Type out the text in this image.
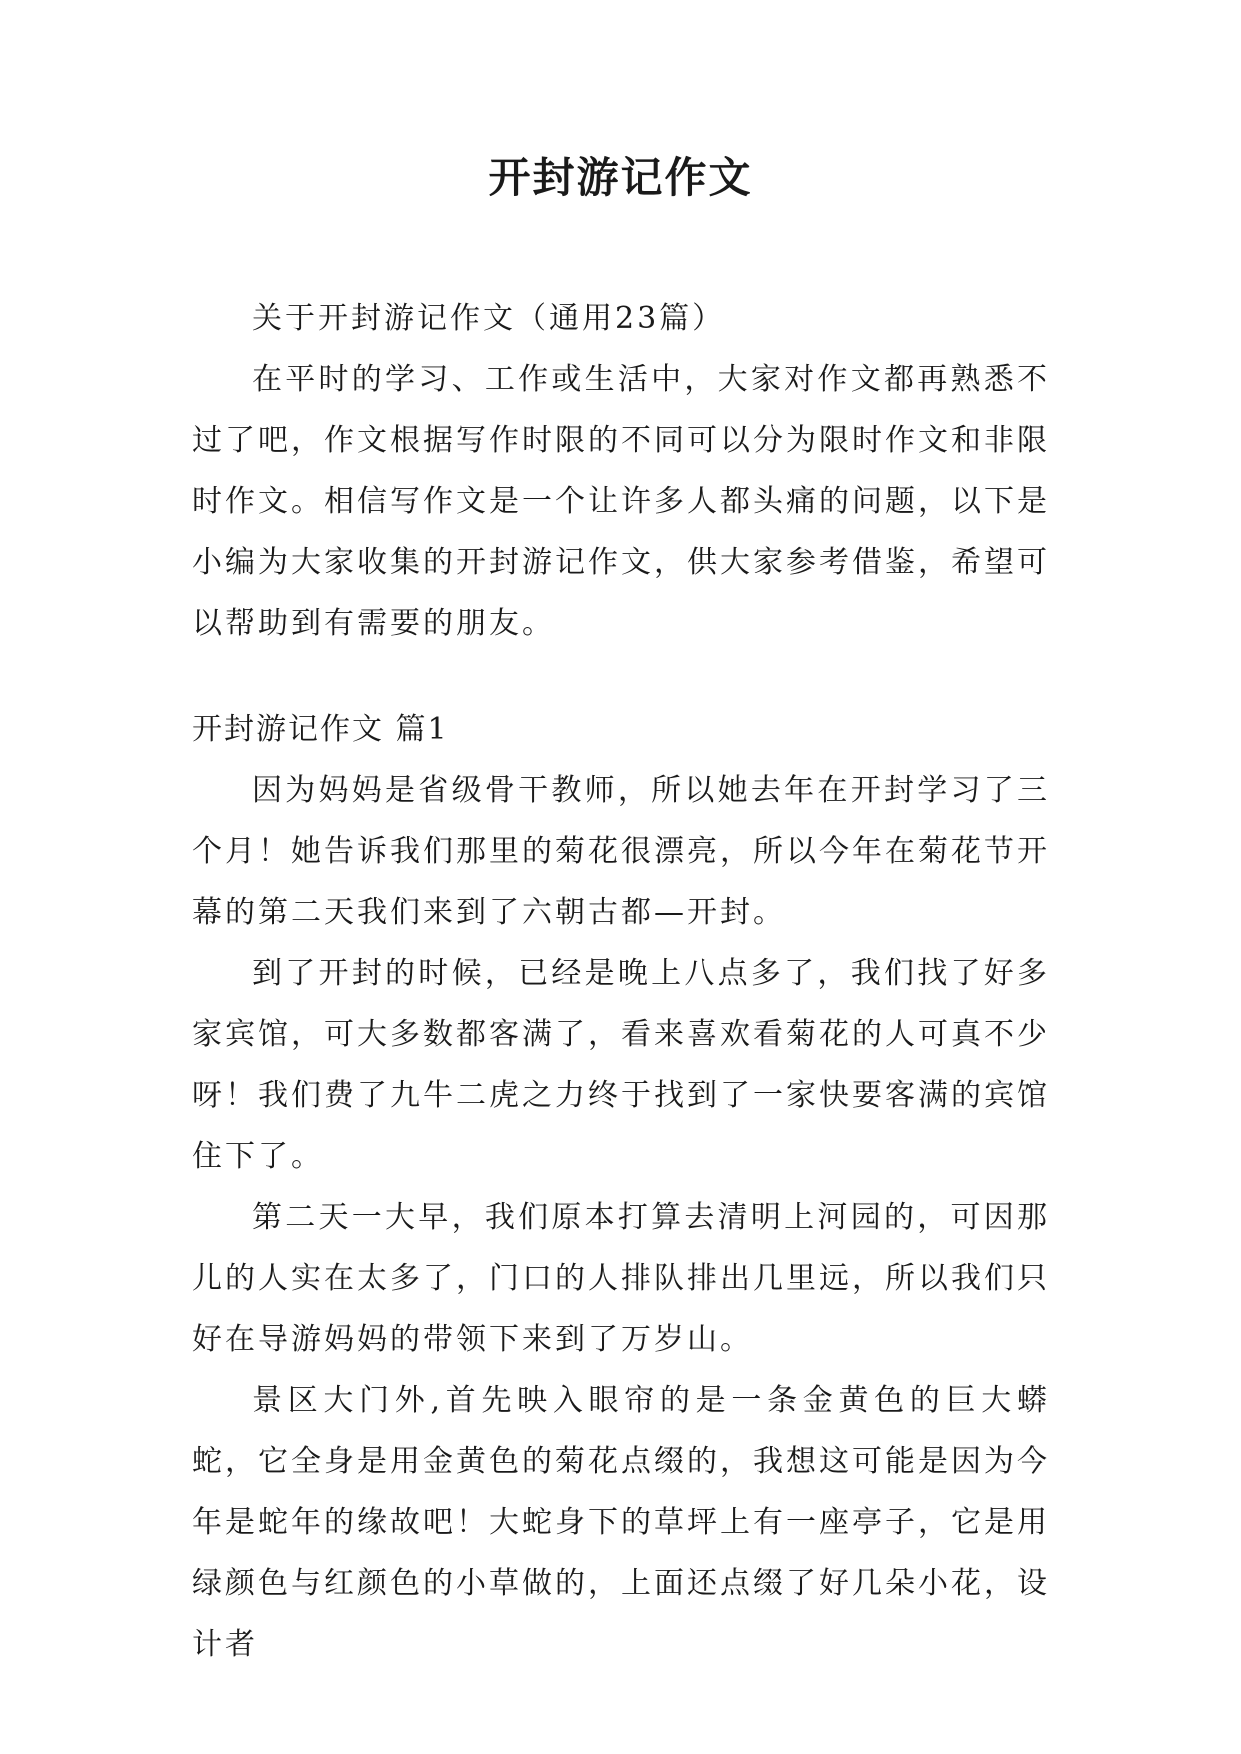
开封游记作文

关于开封游记作文（通用23篇）

在平时的学习、工作或生活中，大家对作文都再熟悉不过了吧，作文根据写作时限的不同可以分为限时作文和非限时作文。相信写作文是一个让许多人都头痛的问题，以下是小编为大家收集的开封游记作文，供大家参考借鉴，希望可以帮助到有需要的朋友。

开封游记作文 篇1

因为妈妈是省级骨干教师，所以她去年在开封学习了三个月！她告诉我们那里的菊花很漂亮，所以今年在菊花节开幕的第二天我们来到了六朝古都—开封。

到了开封的时候，已经是晚上八点多了，我们找了好多家宾馆，可大多数都客满了，看来喜欢看菊花的人可真不少呀！我们费了九牛二虎之力终于找到了一家快要客满的宾馆住下了。

第二天一大早，我们原本打算去清明上河园的，可因那儿的人实在太多了，门口的人排队排出几里远，所以我们只好在导游妈妈的带领下来到了万岁山。

景区大门外,首先映入眼帘的是一条金黄色的巨大蟒蛇，它全身是用金黄色的菊花点缀的，我想这可能是因为今年是蛇年的缘故吧！大蛇身下的草坪上有一座亭子，它是用绿颜色与红颜色的小草做的，上面还点缀了好几朵小花，设计者
